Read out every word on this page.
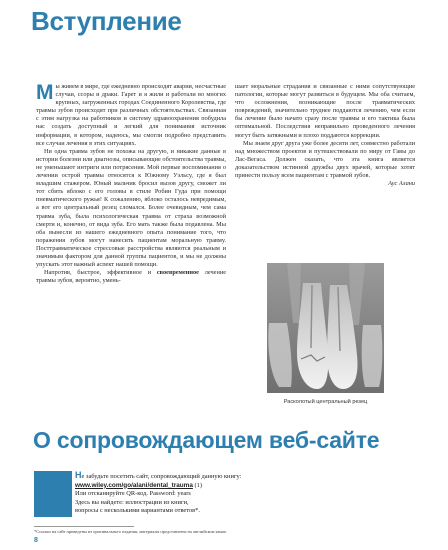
Вступление

Мы живем в мире, где ежедневно происходят аварии, несчастные случаи, ссоры и драки. Гарет и я жили и работали во многих крупных, загруженных городах Соединенного Королевства, где травмы зубов происходят при различных обстоятельствах. Связанная с этим нагрузка на работников и систему здравоохранения побудила нас создать доступный и легкий для понимания источник информации, в котором, надеюсь, мы смогли подробно представить все случаи лечения в этих ситуациях.

Ни одна травма зубов не похожа на другую, и никакие данные в истории болезни или диагнозы, описывающие обстоятельства травмы, не уменьшают интриги или потрясения. Мой первые воспоминания о лечении острой травмы относятся к Южному Уэльсу, где я был младшим стажером. Юный мальчик бросил вызов другу, сможет ли тот сбить яблоко с его головы в стиле Робин Гуда при помощи пневматического ружья! К сожалению, яблоко осталось невредимым, а вот его центральный резец сломался. Более очевидным, чем сама травма зуба, была психологическая травма от страха возможной смерти и, конечно, от вида зуба. Его мать также была подавлена. Мы оба вынесли из нашего ежедневного опыта понимание того, что поражения зубов могут нанесить пациентам моральную травму. Посттравматическое стрессовые расстройства являются реальным и значимым фактором для данной группы пациентов, и мы не должны упускать этот важный аспект нашей помощи.

Напротив, быстрое, эффективное и своевременное лечение травмы зубов, вероятно, умень-

шает моральные страдания и связанные с ними сопутствующие патологии, которые могут развиться в будущем. Мы оба считаем, что осложнения, возникающие после травматических повреждений, значительно труднее поддаются лечению, чем если бы лечение было начато сразу после травмы и его тактика была оптимальной. Последствия неправильно проведенного лечения могут быть затяжными и плохо поддаются коррекции.

Мы знаем друг друга уже более десяти лет, совместно работали над множеством проектов и путешествовали по миру от Гавы до Лас-Вегаса. Должен сказать, что эта книга является доказательством истинной дружбы двух врачей, которые хотят принести пользу всем пациентам с травмой зубов.

Аус Алани

Расколотый центральный резец
О сопровождающем веб-сайте
Не забудьте посетить сайт, сопровождающий данную книгу:
www.wiley.com/go/alani/dental_trauma (1)
Или отсканируйте QR-код. Password: years
Здесь вы найдете: иллюстрации из книги,
вопросы с несколькими вариантами ответов*.
*Ссылки на сайт приведены из оригинального издания, материалы представлены на английском языке.
8
